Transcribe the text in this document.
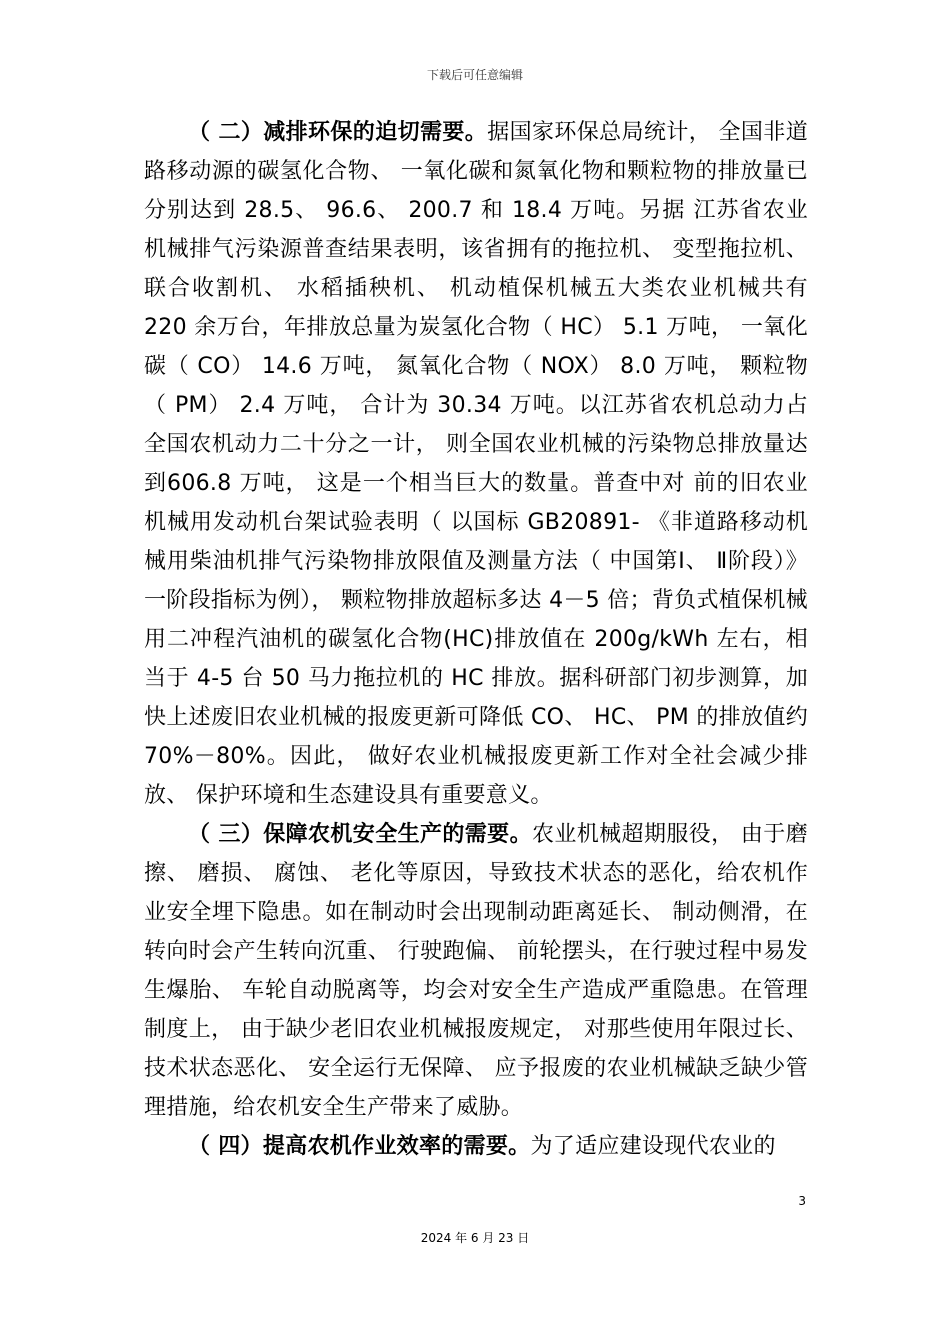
下载后可任意编辑

（ 二）减排环保的迫切需要。据国家环保总局统计， 全国非道路移动源的碳氢化合物、 一氧化碳和氮氧化物和颗粒物的排放量已分别达到 28.5、 96.6、 200.7 和 18.4 万吨。另据 江苏省农业机械排气污染源普查结果表明，该省拥有的拖拉机、 变型拖拉机、 联合收割机、 水稻插秧机、 机动植保机械五大类农业机械共有 220 余万台，年排放总量为炭氢化合物（ HC） 5.1 万吨， 一氧化碳（ CO） 14.6 万吨， 氮氧化合物（ NOX） 8.0 万吨， 颗粒物（ PM） 2.4 万吨， 合计为 30.34 万吨。以江苏省农机总动力占全国农机动力二十分之一计， 则全国农业机械的污染物总排放量达到606.8 万吨， 这是一个相当巨大的数量。普查中对 前的旧农业机械用发动机台架试验表明（ 以国标 GB20891- 《非道路移动机械用柴油机排气污染物排放限值及测量方法（ 中国第Ⅰ、 Ⅱ阶段）》一阶段指标为例）， 颗粒物排放超标多达 4－5 倍；背负式植保机械用二冲程汽油机的碳氢化合物(HC)排放值在 200g/kWh 左右，相当于 4-5 台 50 马力拖拉机的 HC 排放。据科研部门初步测算，加快上述废旧农业机械的报废更新可降低 CO、 HC、 PM 的排放值约 70%－80%。因此， 做好农业机械报废更新工作对全社会减少排放、 保护环境和生态建设具有重要意义。

（ 三）保障农机安全生产的需要。农业机械超期服役， 由于磨擦、 磨损、 腐蚀、 老化等原因，导致技术状态的恶化，给农机作业安全埋下隐患。如在制动时会出现制动距离延长、 制动侧滑，在转向时会产生转向沉重、 行驶跑偏、 前轮摆头，在行驶过程中易发生爆胎、 车轮自动脱离等，均会对安全生产造成严重隐患。在管理制度上， 由于缺少老旧农业机械报废规定， 对那些使用年限过长、 技术状态恶化、 安全运行无保障、 应予报废的农业机械缺乏缺少管理措施，给农机安全生产带来了威胁。

（ 四）提高农机作业效率的需要。为了适应建设现代农业的

3
2024 年 6 月 23 日
